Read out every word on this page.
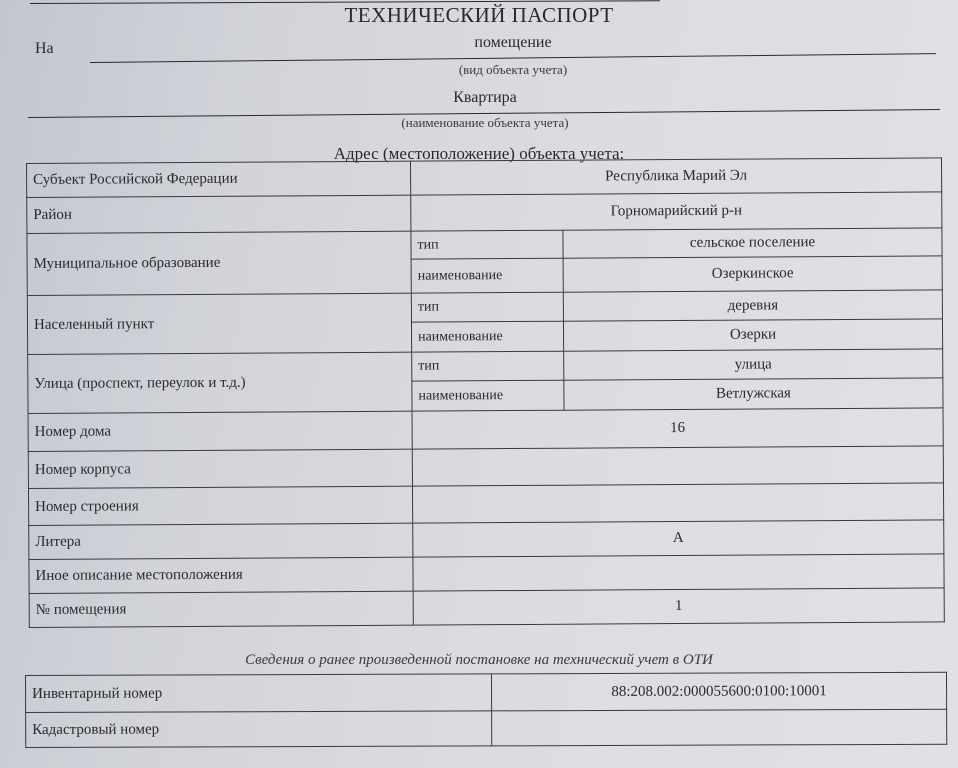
ТЕХНИЧЕСКИЙ ПАСПОРТ
На	помещение
(вид объекта учета)
Квартира
(наименование объекта учета)
Адрес (местоположение) объекта учета:
Субъект Российской Федерации	Республика Марий Эл	
Район	Горномарийский р-н	
Муниципальное образование	тип	сельское поселение
	наименование	Озеркинское
Населенный пункт	тип	деревня
	наименование	Озерки
Улица (проспект, переулок и т.д.)	тип	улица
	наименование	Ветлужская
Номер дома	16	
Номер корпуса		
Номер строения		
Литера	А	
Иное описание местоположения		
№ помещения	1	
Сведения о ранее произведенной постановке на технический учет в ОТИ
Инвентарный номер	88:208.002:000055600:0100:10001
Кадастровый номер	
